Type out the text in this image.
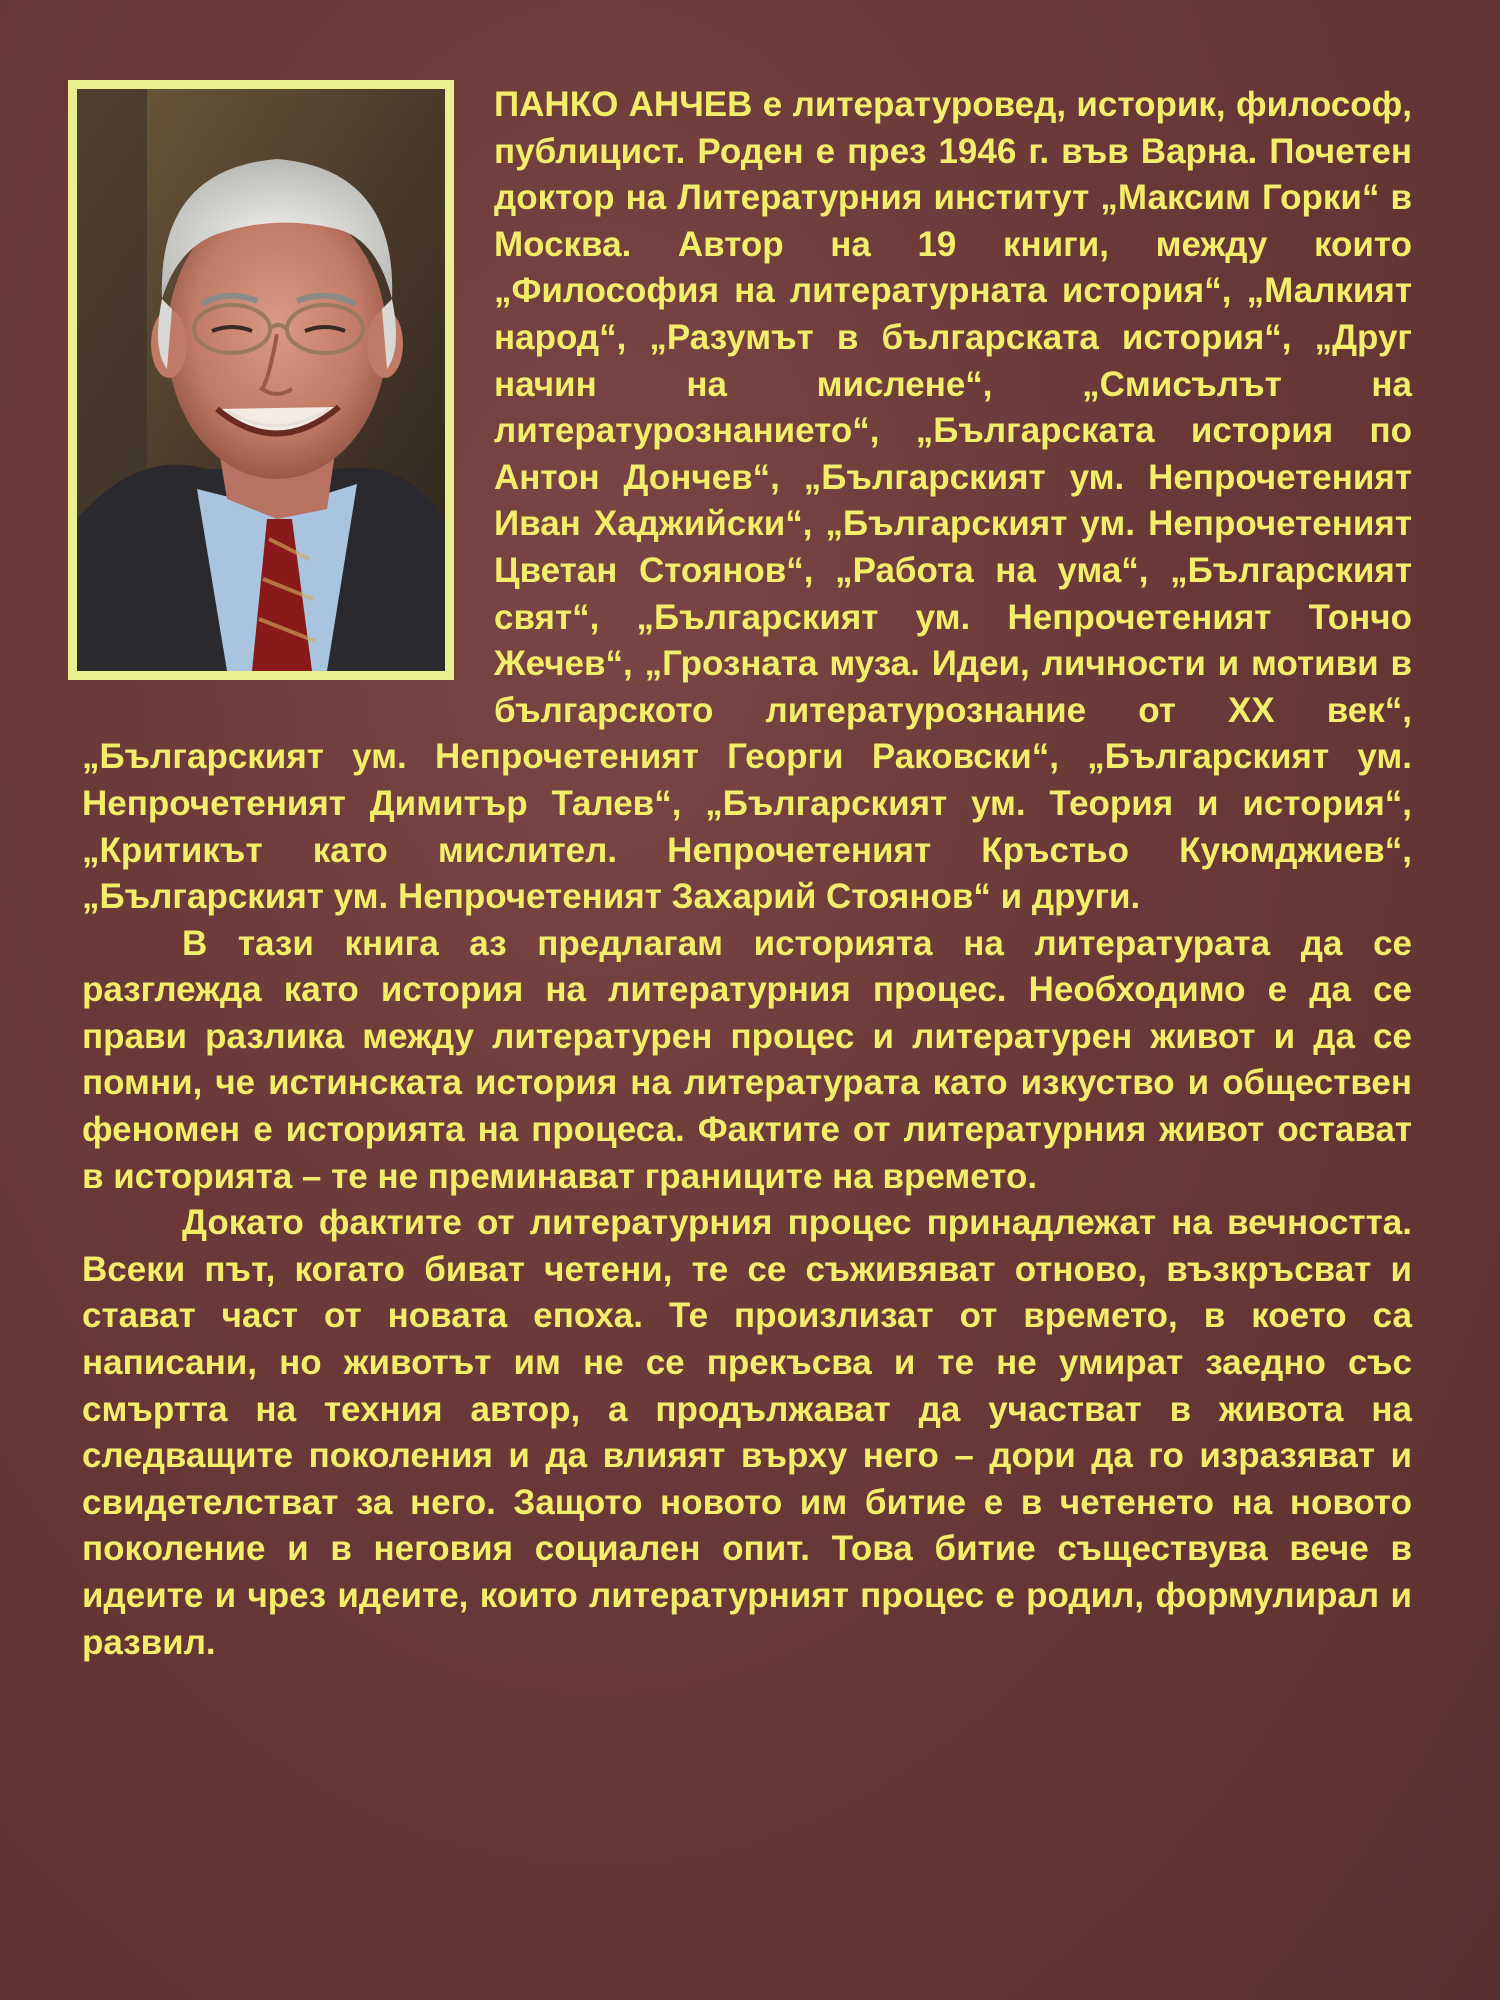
ПАНКО АНЧЕВ е литературовед, историк, философ, публицист. Роден е през 1946 г. във Варна. Почетен доктор на Литературния институт „Максим Горки“ в Москва. Автор на 19 книги, между които „Философия на литературната история“, „Малкият народ“, „Разумът в българската история“, „Друг начин на мислене“, „Смисълът на литературознанието“, „Българската история по Антон Дончев“, „Българският ум. Непрочетеният Иван Хаджийски“, „Българският ум. Непрочетеният Цветан Стоянов“, „Работа на ума“, „Българският свят“, „Българският ум. Непрочетеният Тончо Жечев“, „Грозната муза. Идеи, личности и мотиви в българското литературознание от XX век“, „Българският ум. Непрочетеният Георги Раковски“, „Българският ум. Непрочетеният Димитър Талев“, „Българският ум. Теория и история“, „Критикът като мислител. Непрочетеният Кръстьо Куюмджиев“, „Българският ум. Непрочетеният Захарий Стоянов“ и други.

В тази книга аз предлагам историята на литературата да се разглежда като история на литературния процес. Необходимо е да се прави разлика между литературен процес и литературен живот и да се помни, че истинската история на литературата като изкуство и обществен феномен е историята на процеса. Фактите от литературния живот остават в историята – те не преминават границите на времето.

Докато фактите от литературния процес принадлежат на вечността. Всеки път, когато биват четени, те се съживяват отново, възкръсват и стават част от новата епоха. Те произлизат от времето, в което са написани, но животът им не се прекъсва и те не умират заедно със смъртта на техния автор, а продължават да участват в живота на следващите поколения и да влияят върху него – дори да го изразяват и свидетелстват за него. Защото новото им битие е в четенето на новото поколение и в неговия социален опит. Това битие съществува вече в идеите и чрез идеите, които литературният процес е родил, формулирал и развил.
